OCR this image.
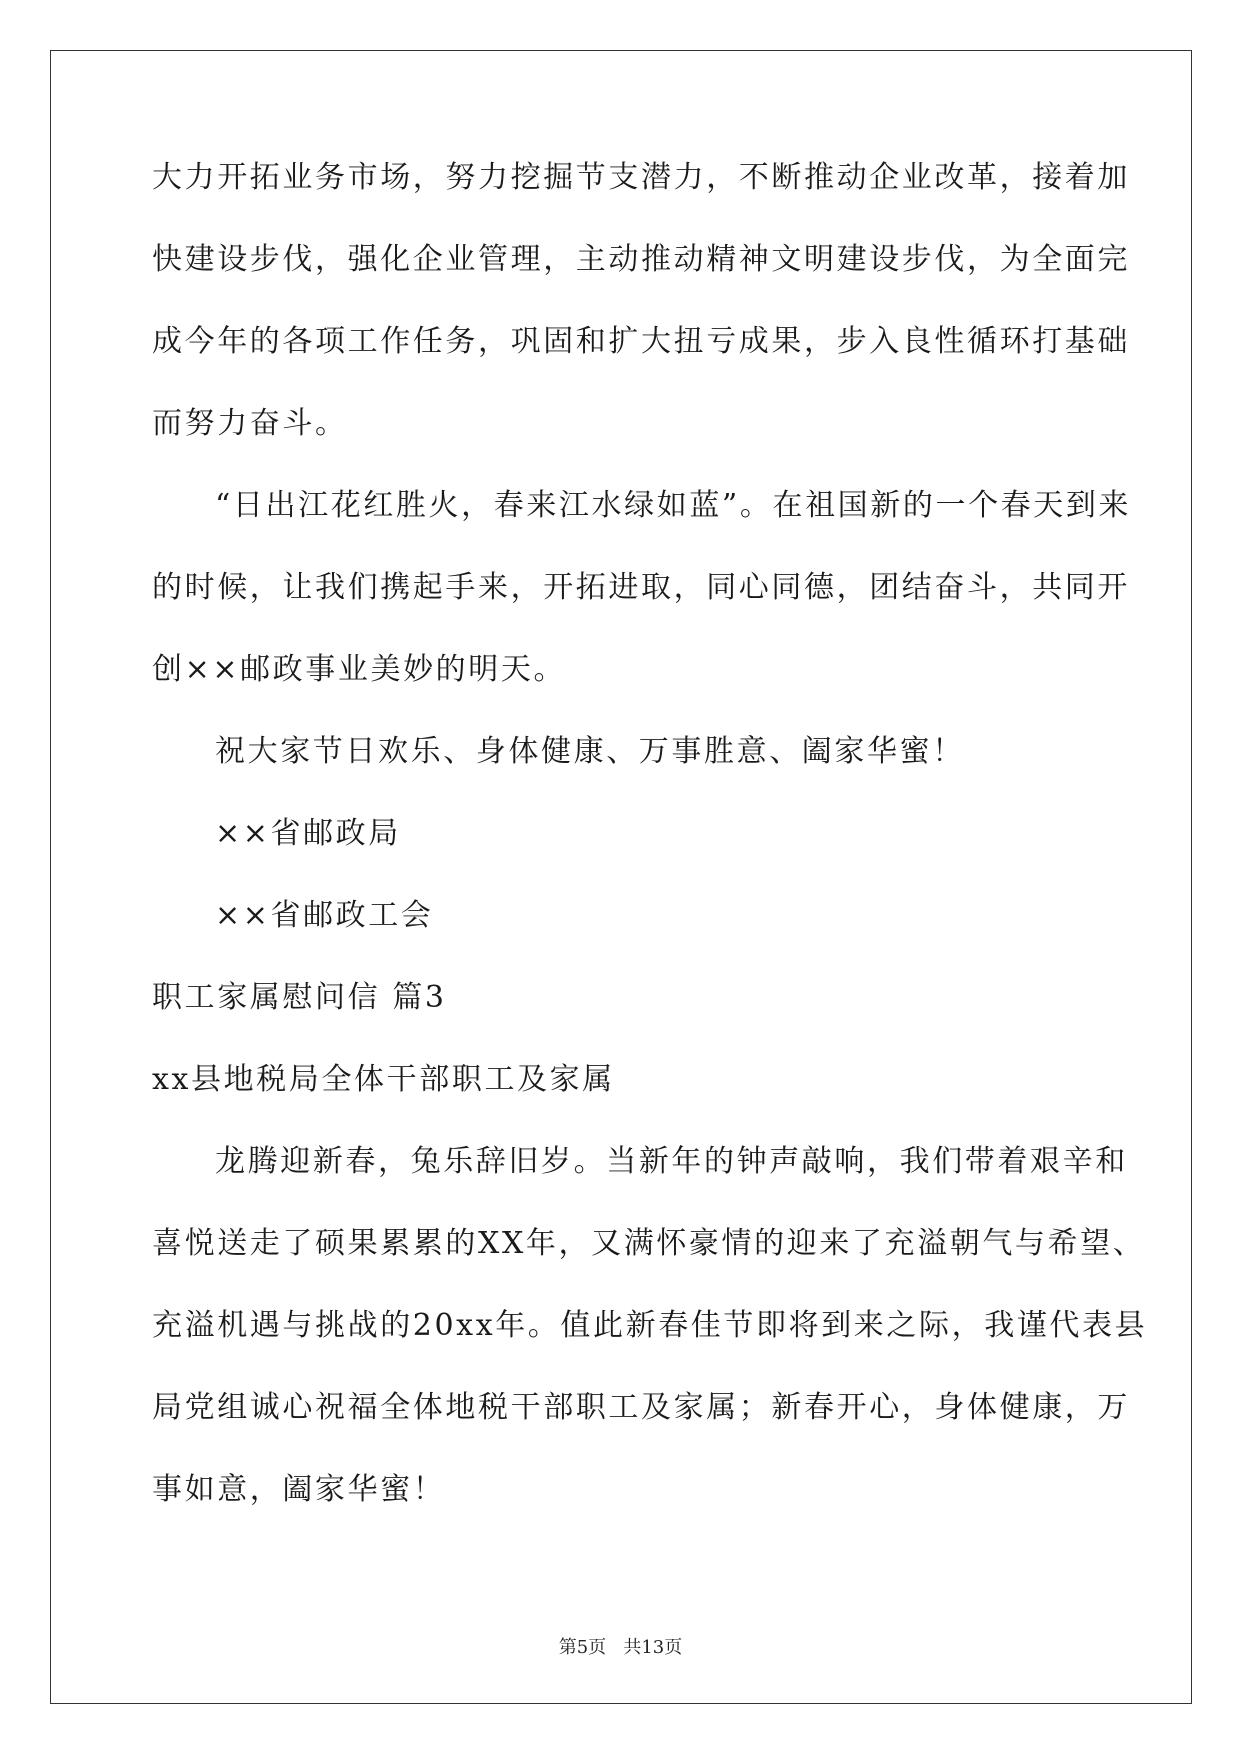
大力开拓业务市场，努力挖掘节支潜力，不断推动企业改革，接着加
快建设步伐，强化企业管理，主动推动精神文明建设步伐，为全面完
成今年的各项工作任务，巩固和扩大扭亏成果，步入良性循环打基础
而努力奋斗。
“日出江花红胜火，春来江水绿如蓝”。在祖国新的一个春天到来
的时候，让我们携起手来，开拓进取，同心同德，团结奋斗，共同开
创××邮政事业美妙的明天。
祝大家节日欢乐、身体健康、万事胜意、阖家华蜜！
××省邮政局
××省邮政工会
职工家属慰问信 篇3
xx县地税局全体干部职工及家属
龙腾迎新春，兔乐辞旧岁。当新年的钟声敲响，我们带着艰辛和
喜悦送走了硕果累累的XX年，又满怀豪情的迎来了充溢朝气与希望、
充溢机遇与挑战的20xx年。值此新春佳节即将到来之际，我谨代表县
局党组诚心祝福全体地税干部职工及家属；新春开心，身体健康，万
事如意，阖家华蜜！
第5页   共13页
